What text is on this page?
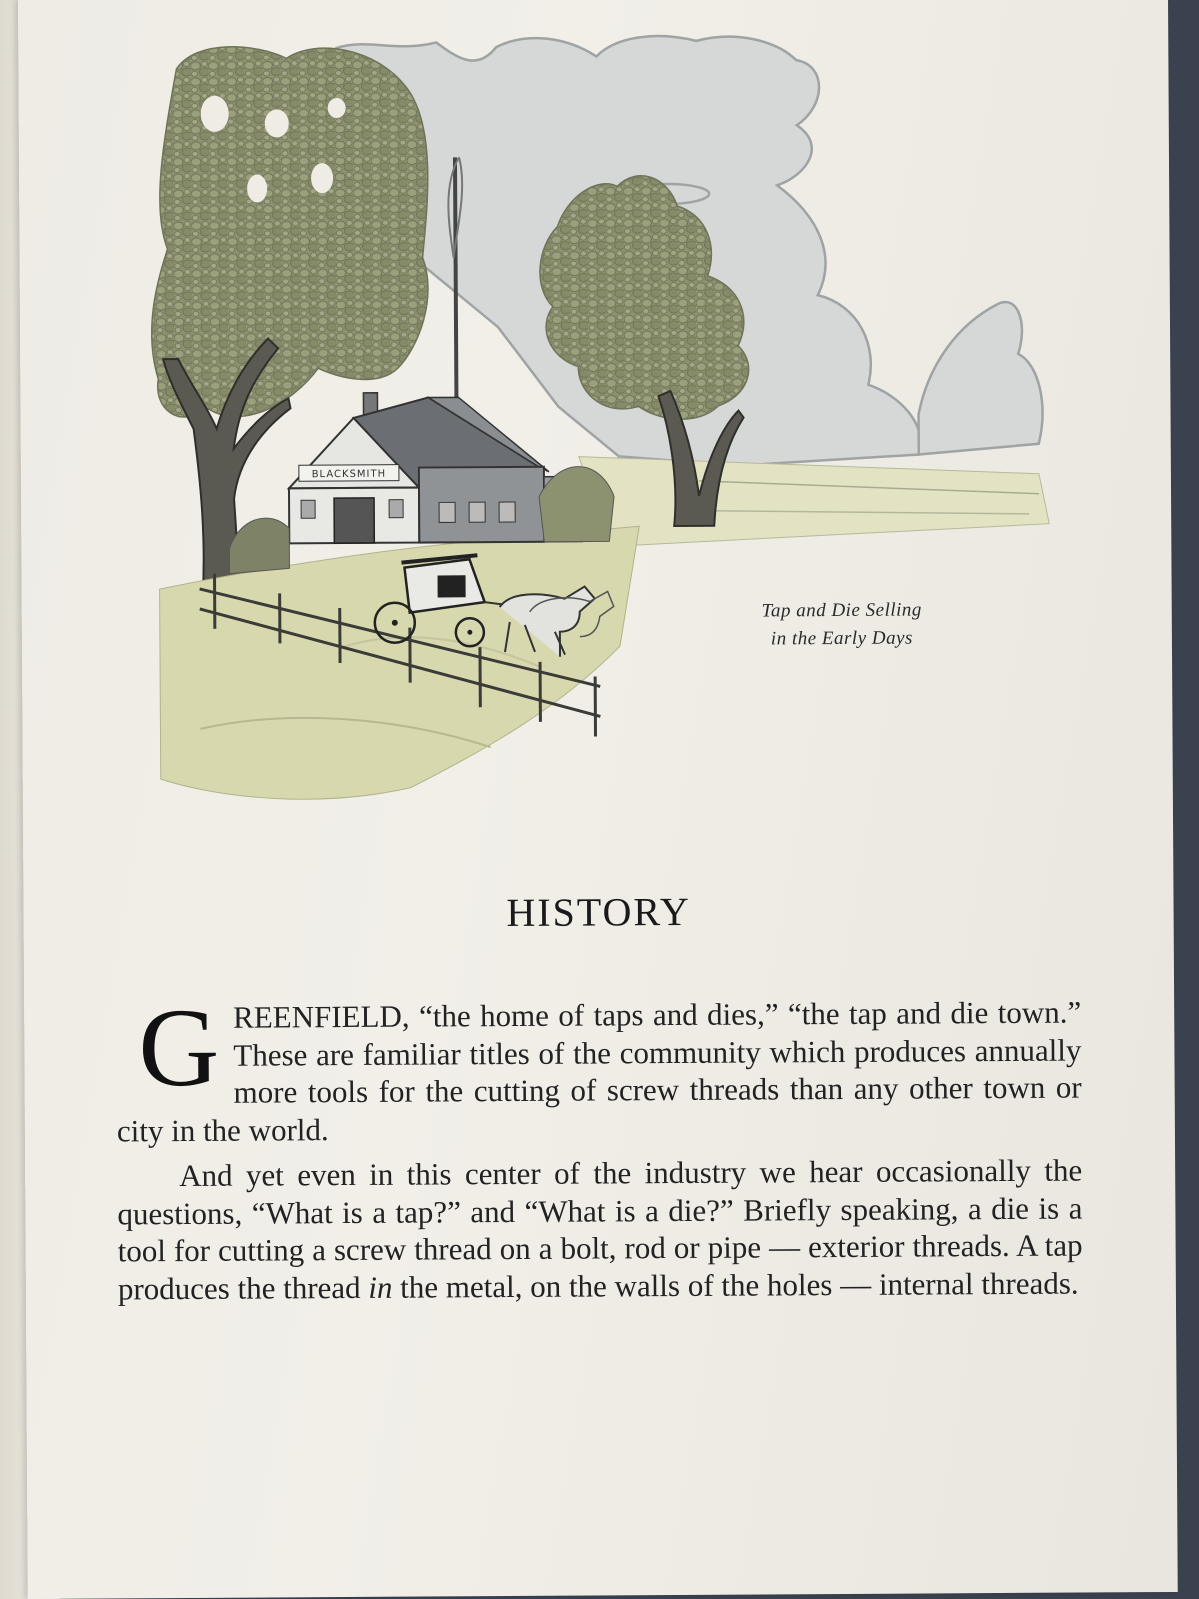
BLACKSMITH
Tap and Die Selling
in the Early Days
HISTORY

GREENFIELD, “the home of taps and dies,” “the tap and die town.” These are familiar titles of the community which produces annually more tools for the cutting of screw threads than any other town or city in the world.

And yet even in this center of the industry we hear occasionally the questions, “What is a tap?” and “What is a die?” Briefly speaking, a die is a tool for cutting a screw thread on a bolt, rod or pipe — exterior threads. A tap produces the thread in the metal, on the walls of the holes — internal threads.
